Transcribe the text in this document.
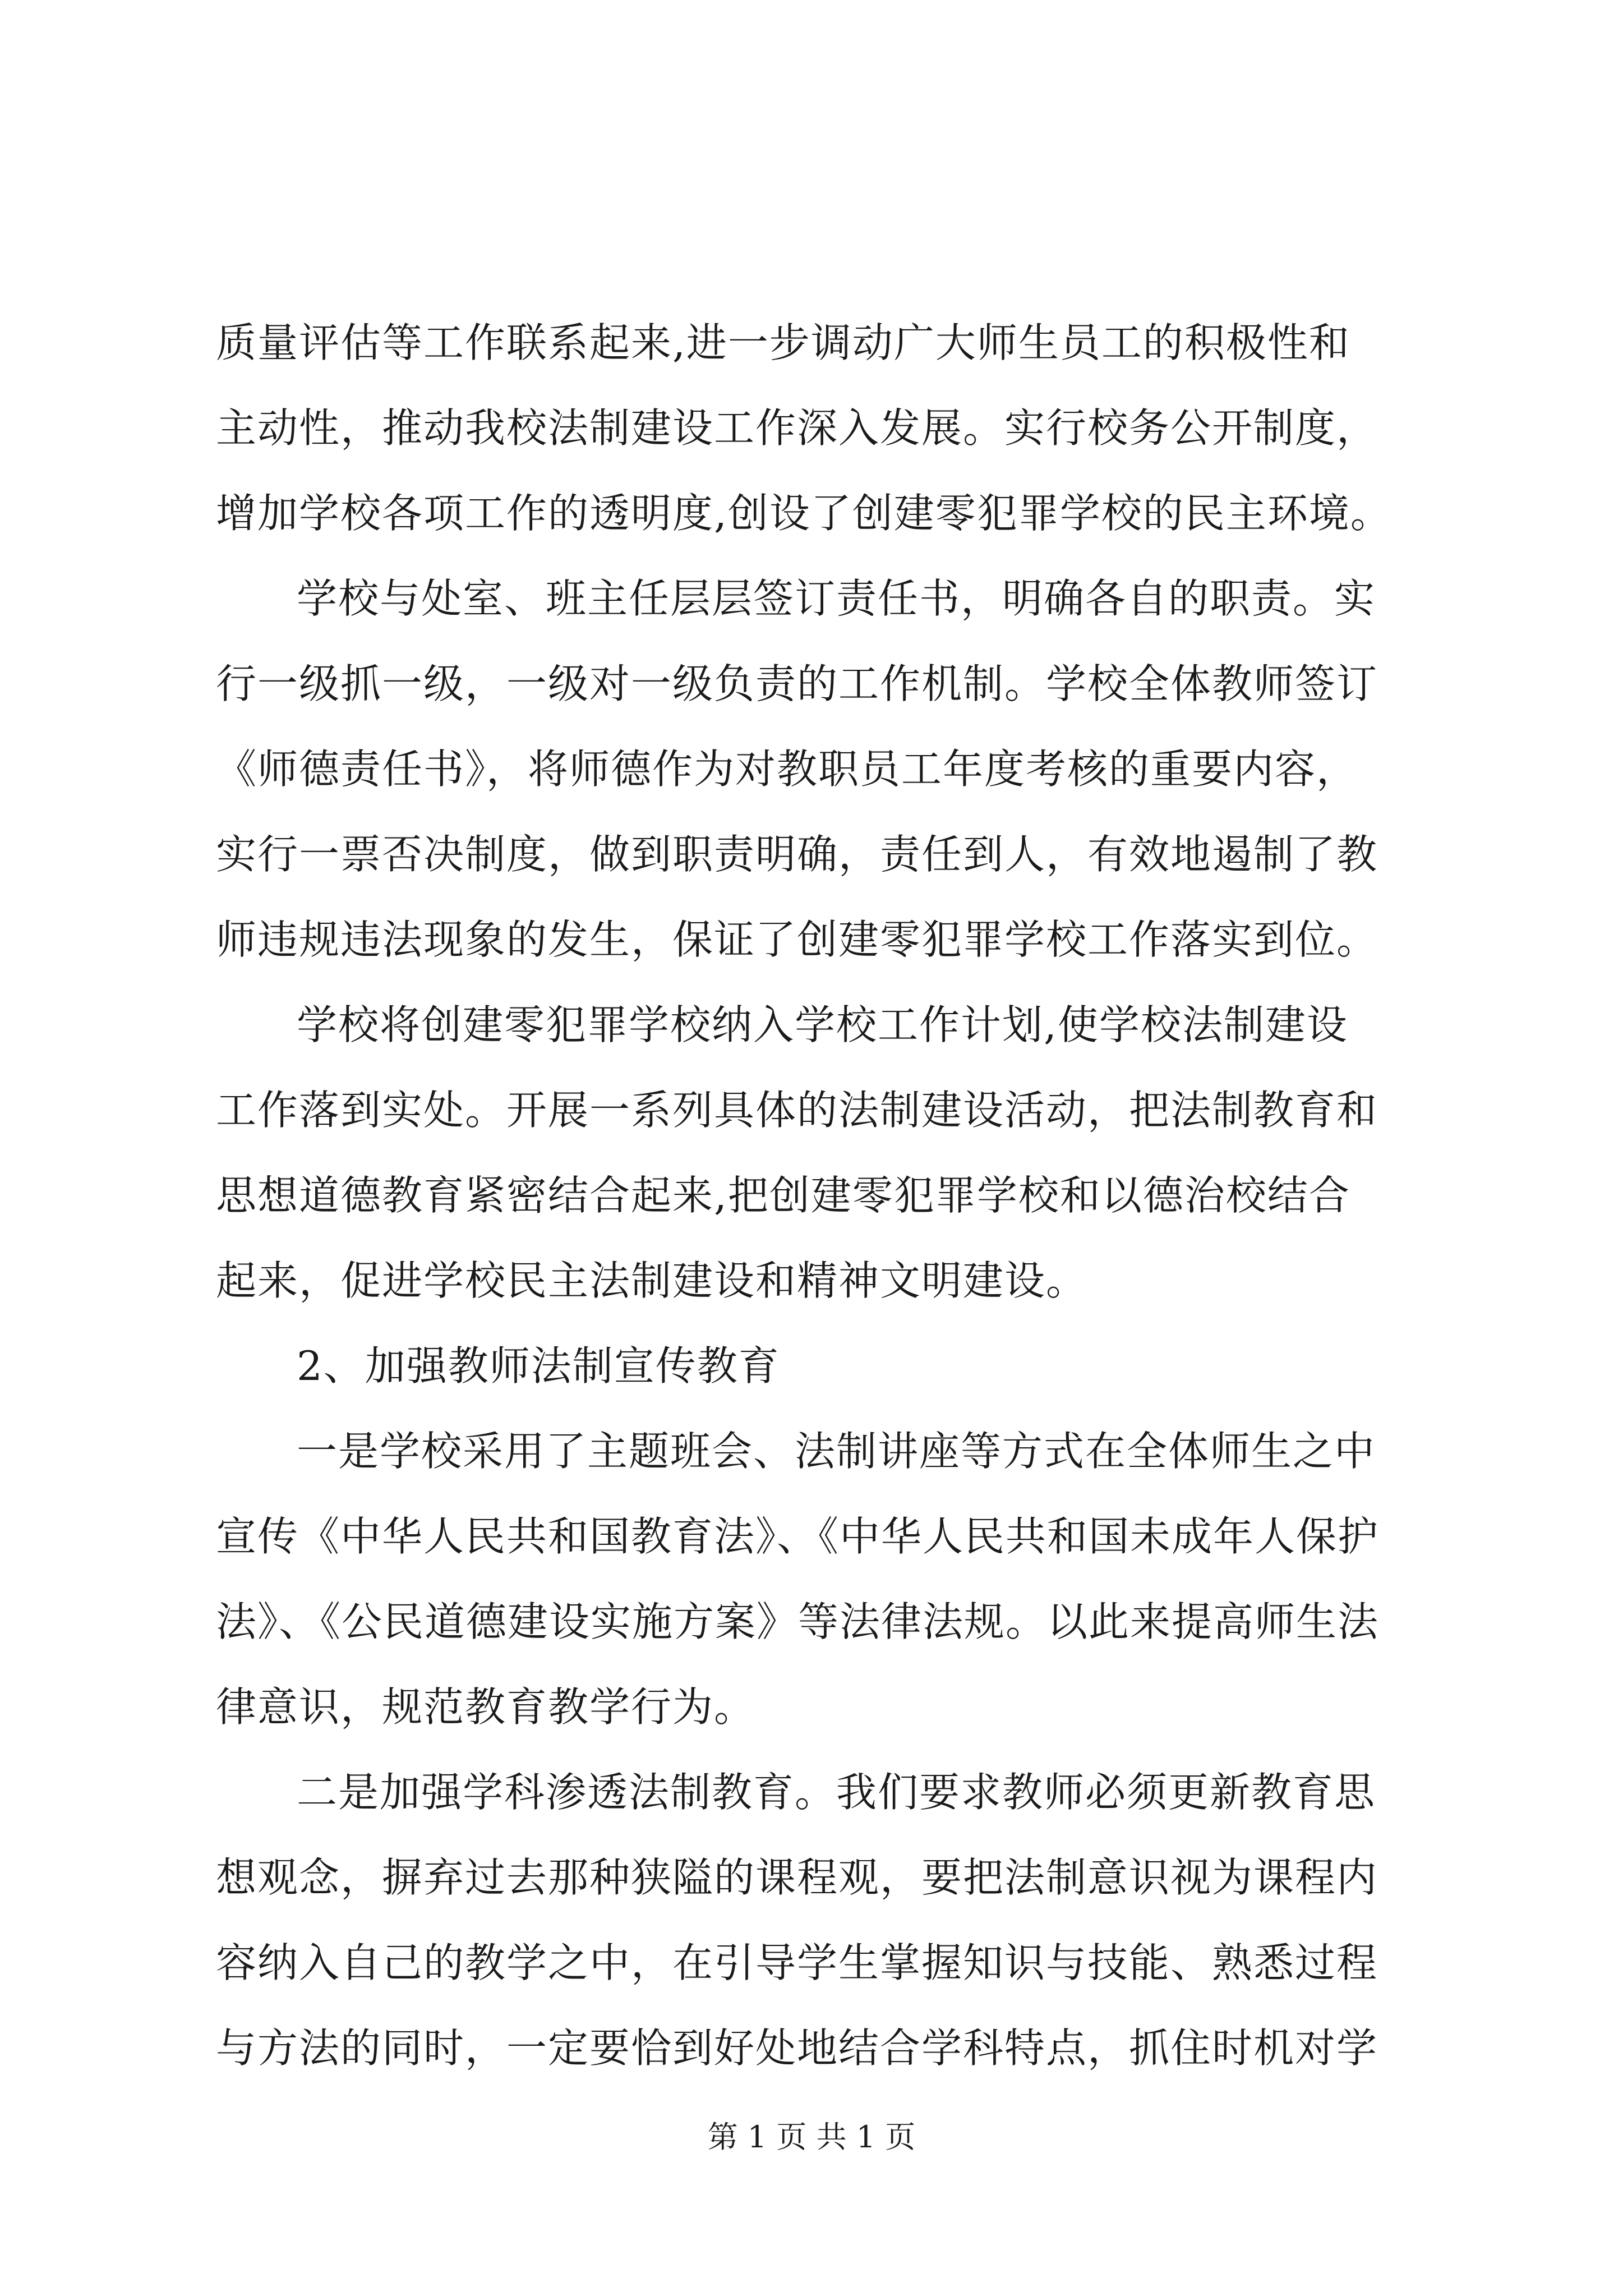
质量评估等工作联系起来,进一步调动广大师生员工的积极性和
主动性，推动我校法制建设工作深入发展。实行校务公开制度，
增加学校各项工作的透明度,创设了创建零犯罪学校的民主环境。
学校与处室、班主任层层签订责任书，明确各自的职责。实
行一级抓一级，一级对一级负责的工作机制。学校全体教师签订
《师德责任书》，将师德作为对教职员工年度考核的重要内容，
实行一票否决制度，做到职责明确，责任到人，有效地遏制了教
师违规违法现象的发生，保证了创建零犯罪学校工作落实到位。
学校将创建零犯罪学校纳入学校工作计划,使学校法制建设
工作落到实处。开展一系列具体的法制建设活动，把法制教育和
思想道德教育紧密结合起来,把创建零犯罪学校和以德治校结合
起来，促进学校民主法制建设和精神文明建设。
2、加强教师法制宣传教育
一是学校采用了主题班会、法制讲座等方式在全体师生之中
宣传《中华人民共和国教育法》、《中华人民共和国未成年人保护
法》、《公民道德建设实施方案》等法律法规。以此来提高师生法
律意识，规范教育教学行为。
二是加强学科渗透法制教育。我们要求教师必须更新教育思
想观念，摒弃过去那种狭隘的课程观，要把法制意识视为课程内
容纳入自己的教学之中，在引导学生掌握知识与技能、熟悉过程
与方法的同时，一定要恰到好处地结合学科特点，抓住时机对学
第 1 页 共 1 页
